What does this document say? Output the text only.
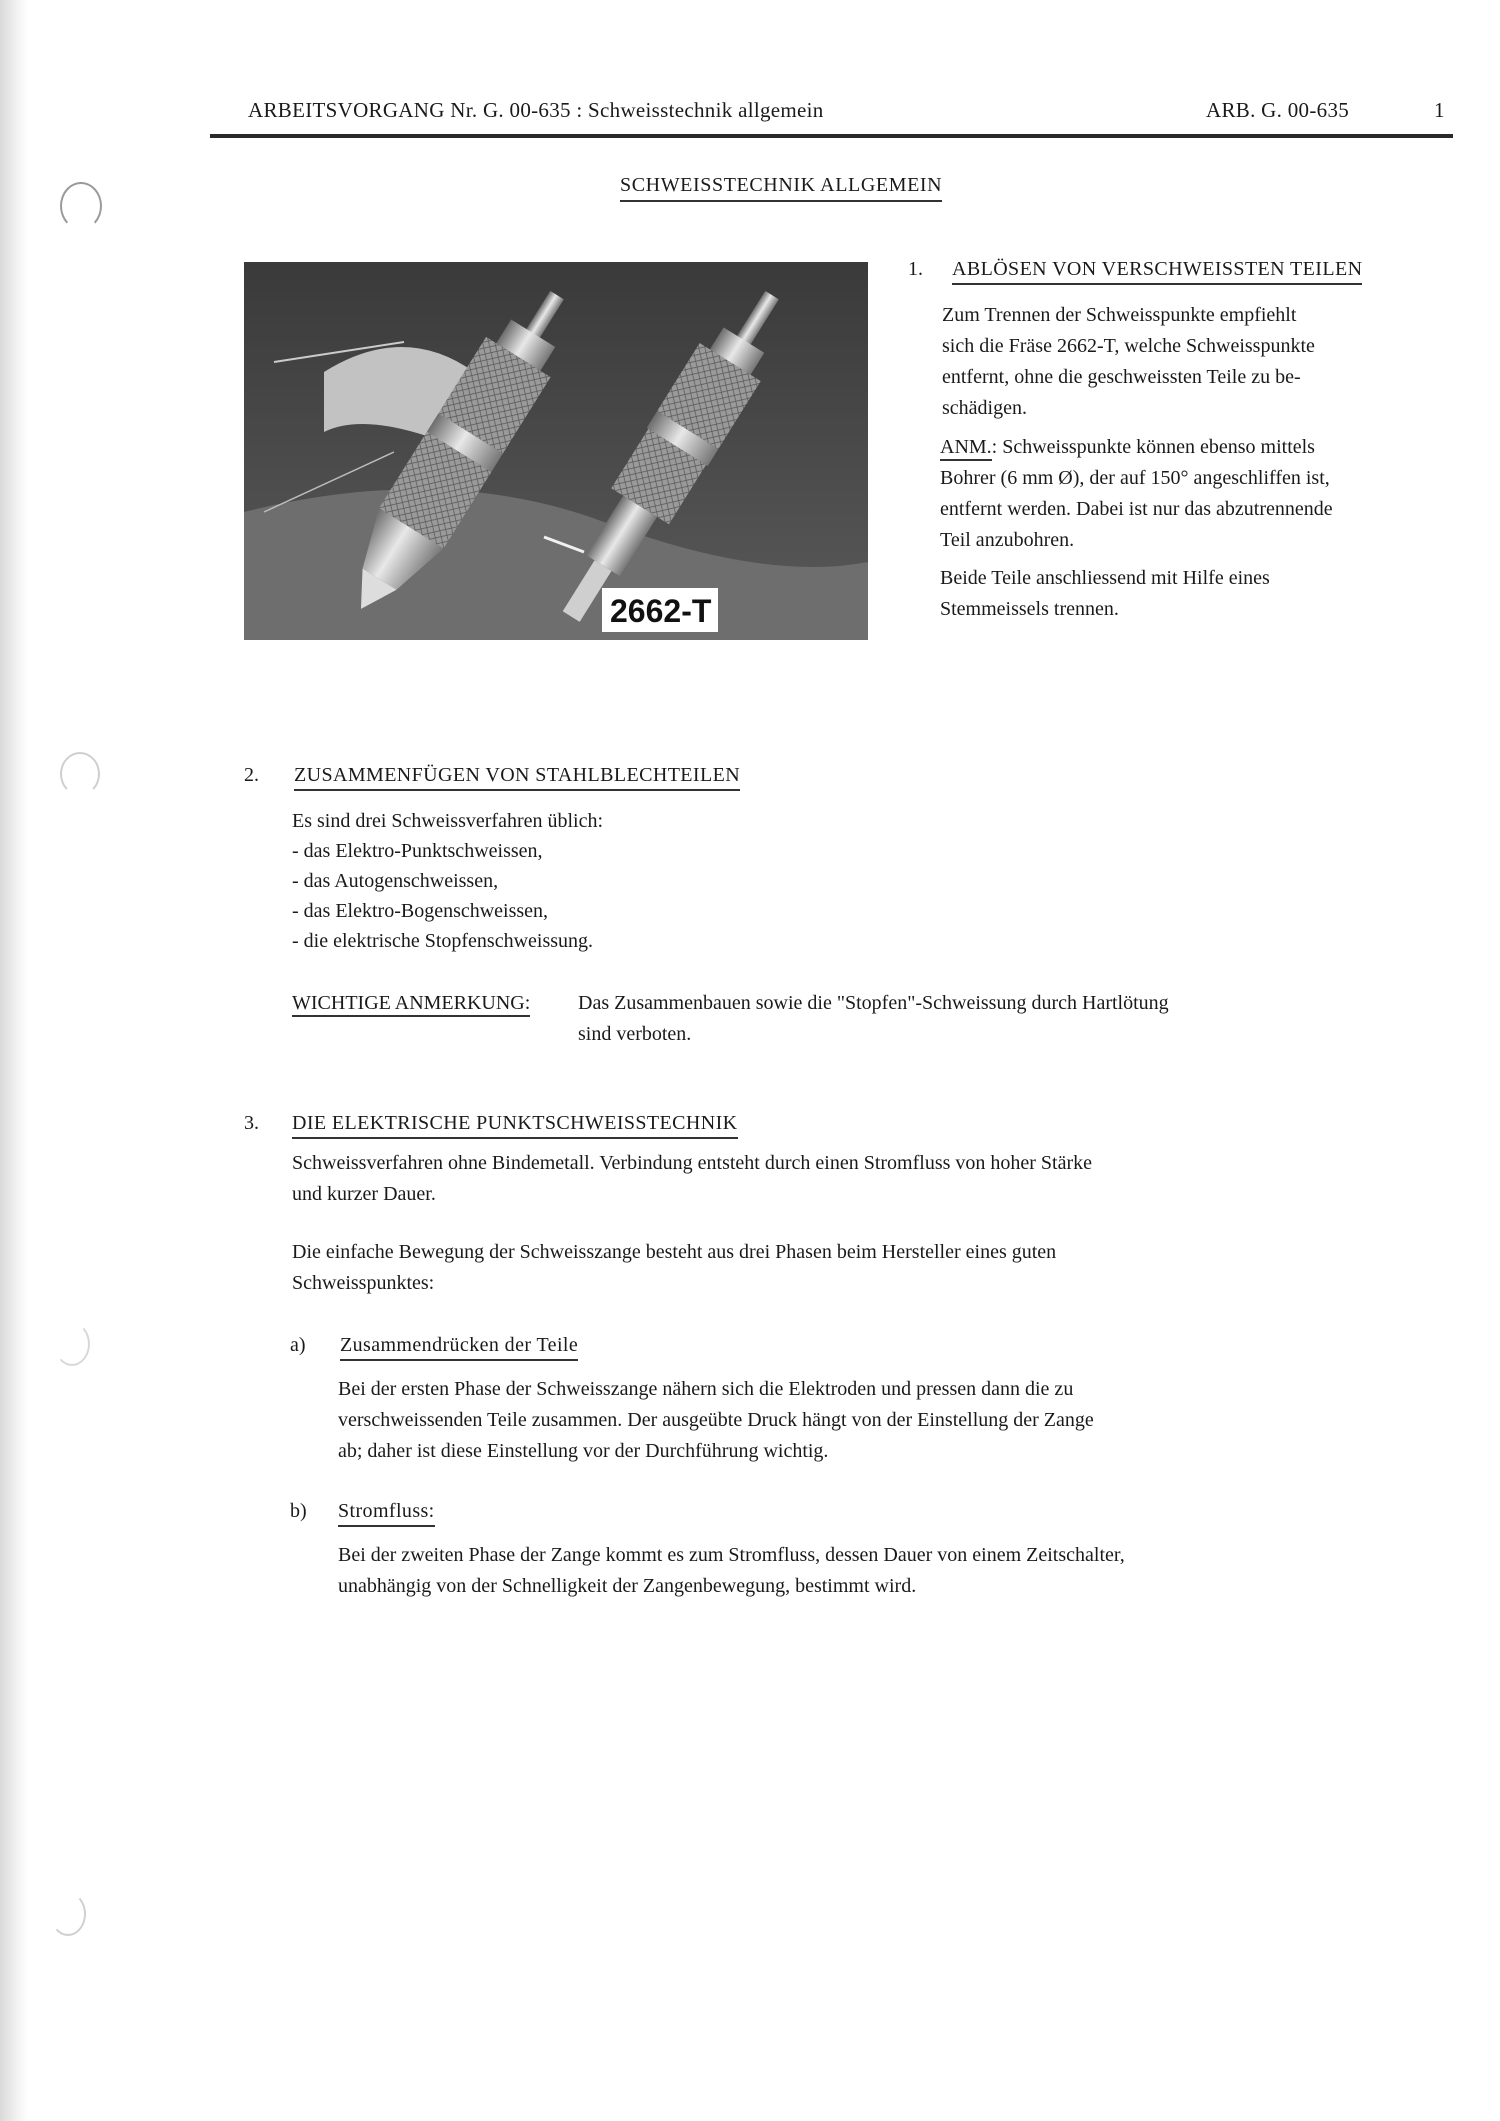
ARBEITSVORGANG Nr. G. 00-635 : Schweisstechnik allgemein	ARB. G. 00-635	1
SCHWEISSTECHNIK ALLGEMEIN
2662-T
1. ABLÖSEN VON VERSCHWEISSTEN TEILEN

Zum Trennen der Schweisspunkte empfiehlt

sich die Fräse 2662-T, welche Schweisspunkte

entfernt, ohne die geschweissten Teile zu be-

schädigen.

ANM.: Schweisspunkte können ebenso mittels

Bohrer (6 mm Ø), der auf 150° angeschliffen ist,

entfernt werden. Dabei ist nur das abzutrennende

Teil anzubohren.

Beide Teile anschliessend mit Hilfe eines

Stemmeissels trennen.

2. ZUSAMMENFÜGEN VON STAHLBLECHTEILEN
Es sind drei Schweissverfahren üblich:
- das Elektro-Punktschweissen,
- das Autogenschweissen,
- das Elektro-Bogenschweissen,
- die elektrische Stopfenschweissung.
WICHTIGE ANMERKUNG: Das Zusammenbauen sowie die "Stopfen"-Schweissung durch Hartlötung

sind verboten.

3. DIE ELEKTRISCHE PUNKTSCHWEISSTECHNIK

Schweissverfahren ohne Bindemetall. Verbindung entsteht durch einen Stromfluss von hoher Stärke

und kurzer Dauer.

Die einfache Bewegung der Schweisszange besteht aus drei Phasen beim Hersteller eines guten

Schweisspunktes:

a) Zusammendrücken der Teile

Bei der ersten Phase der Schweisszange nähern sich die Elektroden und pressen dann die zu

verschweissenden Teile zusammen. Der ausgeübte Druck hängt von der Einstellung der Zange

ab; daher ist diese Einstellung vor der Durchführung wichtig.

b) Stromfluss:

Bei der zweiten Phase der Zange kommt es zum Stromfluss, dessen Dauer von einem Zeitschalter,

unabhängig von der Schnelligkeit der Zangenbewegung, bestimmt wird.
